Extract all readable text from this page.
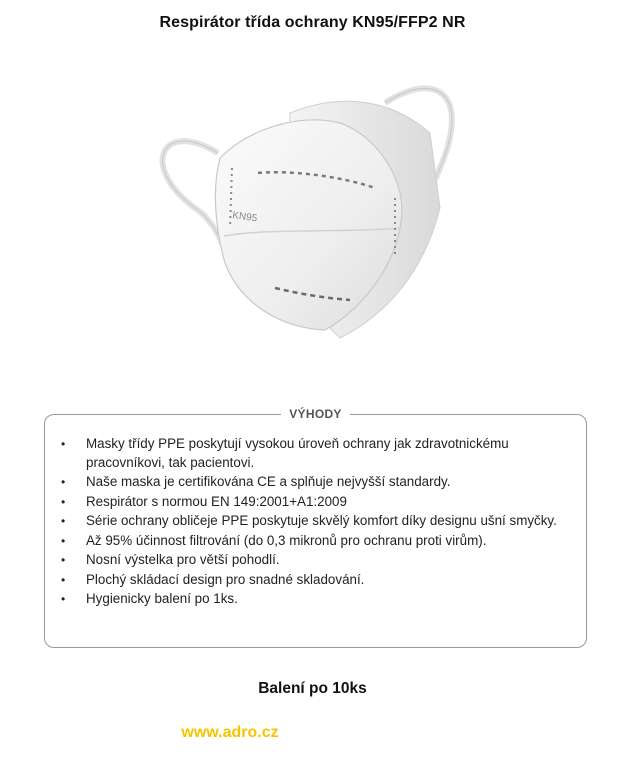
Respirátor třída ochrany KN95/FFP2 NR
KN95
VÝHODY
• Masky třídy PPE poskytují vysokou úroveň ochrany jak zdravotnickému pracovníkovi, tak pacientovi.
• Naše maska je certifikována CE a splňuje nejvyšší standardy.
• Respirátor s normou EN 149:2001+A1:2009
• Série ochrany obličeje PPE poskytuje skvělý komfort díky designu ušní smyčky.
• Až 95% účinnost filtrování (do 0,3 mikronů pro ochranu proti virům).
• Nosní výstelka pro větší pohodlí.
• Plochý skládací design pro snadné skladování.
• Hygienicky balení po 1ks.
Balení po 10ks
www.adro.cz
